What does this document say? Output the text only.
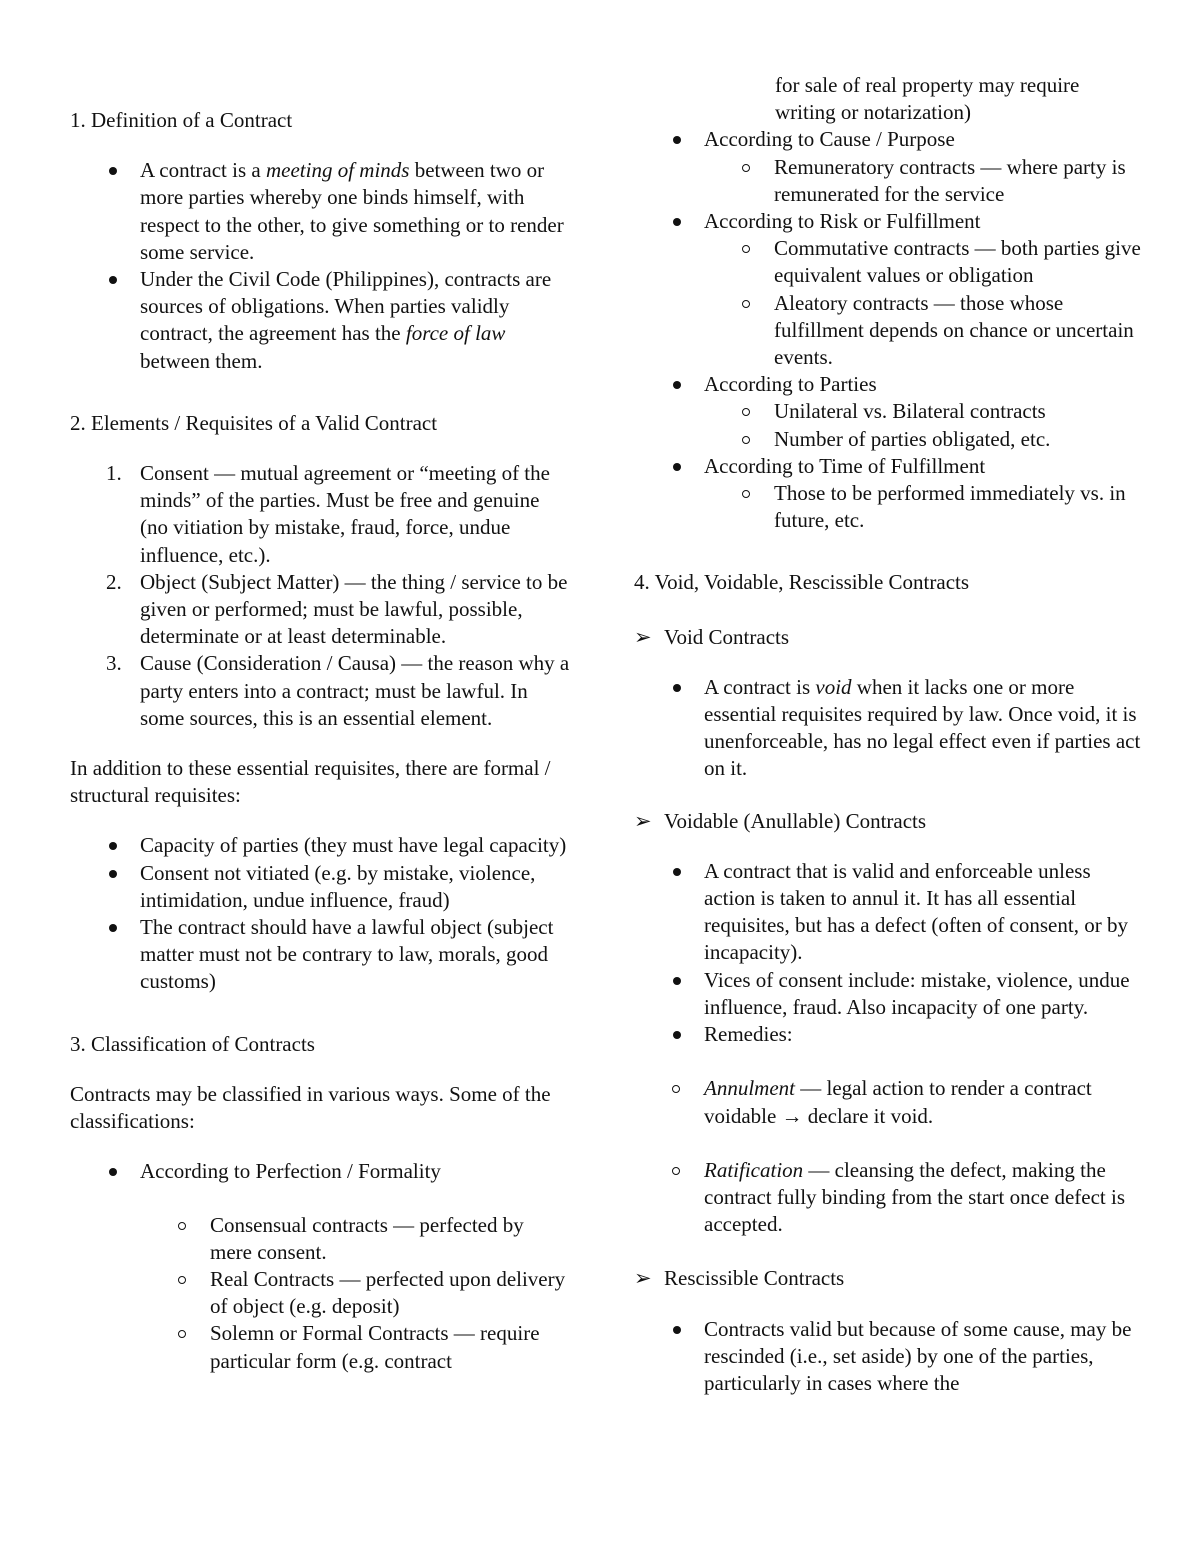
1. Definition of a Contract

A contract is a meeting of minds between two or more parties whereby one binds himself, with respect to the other, to give something or to render some service.
Under the Civil Code (Philippines), contracts are sources of obligations. When parties validly contract, the agreement has the force of law between them.

2. Elements / Requisites of a Valid Contract

1. Consent — mutual agreement or “meeting of the minds” of the parties. Must be free and genuine (no vitiation by mistake, fraud, force, undue influence, etc.).
2. Object (Subject Matter) — the thing / service to be given or performed; must be lawful, possible, determinate or at least determinable.
3. Cause (Consideration / Causa) — the reason why a party enters into a contract; must be lawful. In some sources, this is an essential element.

In addition to these essential requisites, there are formal / structural requisites:

Capacity of parties (they must have legal capacity)
Consent not vitiated (e.g. by mistake, violence, intimidation, undue influence, fraud)
The contract should have a lawful object (subject matter must not be contrary to law, morals, good customs)

3. Classification of Contracts

Contracts may be classified in various ways. Some of the classifications:

According to Perfection / Formality
Consensual contracts — perfected by mere consent.
Real Contracts — perfected upon delivery of object (e.g. deposit)
Solemn or Formal Contracts — require particular form (e.g. contract

for sale of real property may require writing or notarization)

According to Cause / Purpose
Remuneratory contracts — where party is remunerated for the service
According to Risk or Fulfillment
Commutative contracts — both parties give equivalent values or obligation
Aleatory contracts — those whose fulfillment depends on chance or uncertain events.
According to Parties
Unilateral vs. Bilateral contracts
Number of parties obligated, etc.
According to Time of Fulfillment
Those to be performed immediately vs. in future, etc.

4. Void, Voidable, Rescissible Contracts

➢ Void Contracts

A contract is void when it lacks one or more essential requisites required by law. Once void, it is unenforceable, has no legal effect even if parties act on it.

➢ Voidable (Anullable) Contracts

A contract that is valid and enforceable unless action is taken to annul it. It has all essential requisites, but has a defect (often of consent, or by incapacity).
Vices of consent include: mistake, violence, undue influence, fraud. Also incapacity of one party.
Remedies:
Annulment — legal action to render a contract voidable → declare it void.
Ratification — cleansing the defect, making the contract fully binding from the start once defect is accepted.

➢ Rescissible Contracts

Contracts valid but because of some cause, may be rescinded (i.e., set aside) by one of the parties, particularly in cases where the
